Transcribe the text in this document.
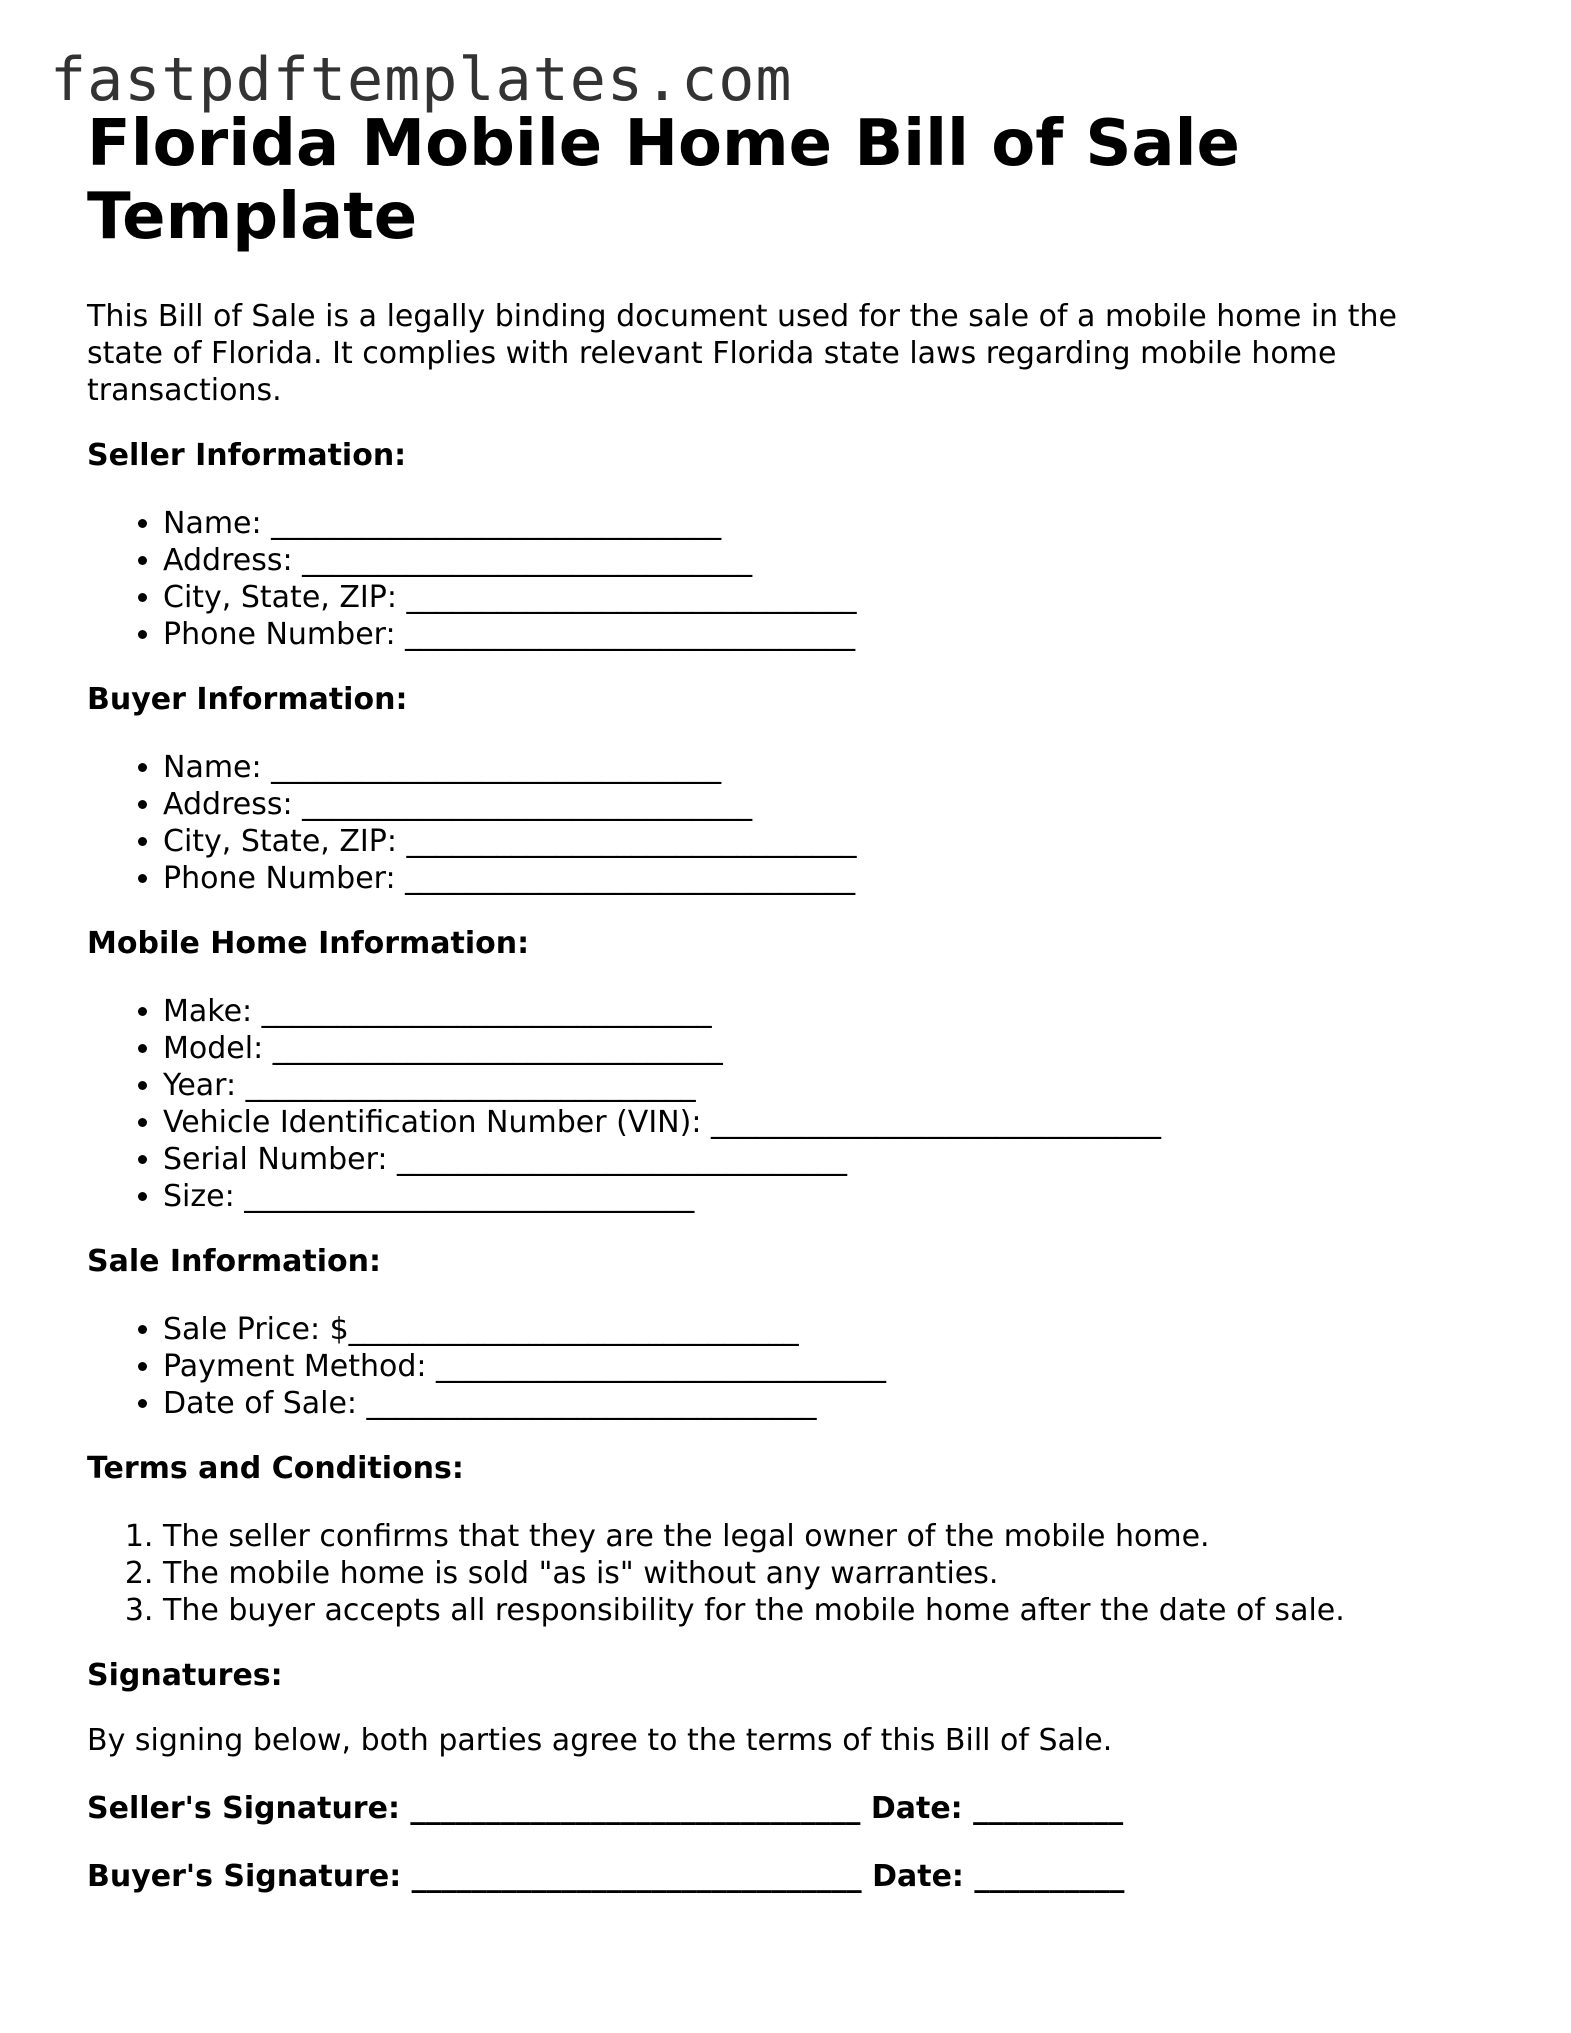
fastpdftemplates.com
Florida Mobile Home Bill of Sale Template

This Bill of Sale is a legally binding document used for the sale of a mobile home in the state of Florida. It complies with relevant Florida state laws regarding mobile home transactions.

Seller Information:

• Name: ______________________________
• Address: ______________________________
• City, State, ZIP: ______________________________
• Phone Number: ______________________________

Buyer Information:

• Name: ______________________________
• Address: ______________________________
• City, State, ZIP: ______________________________
• Phone Number: ______________________________

Mobile Home Information:

• Make: ______________________________
• Model: ______________________________
• Year: ______________________________
• Vehicle Identification Number (VIN): ______________________________
• Serial Number: ______________________________
• Size: ______________________________

Sale Information:

• Sale Price: $______________________________
• Payment Method: ______________________________
• Date of Sale: ______________________________

Terms and Conditions:

1. The seller confirms that they are the legal owner of the mobile home.
2. The mobile home is sold "as is" without any warranties.
3. The buyer accepts all responsibility for the mobile home after the date of sale.

Signatures:

By signing below, both parties agree to the terms of this Bill of Sale.

Seller's Signature: ______________________________ Date: __________

Buyer's Signature: ______________________________ Date: __________
